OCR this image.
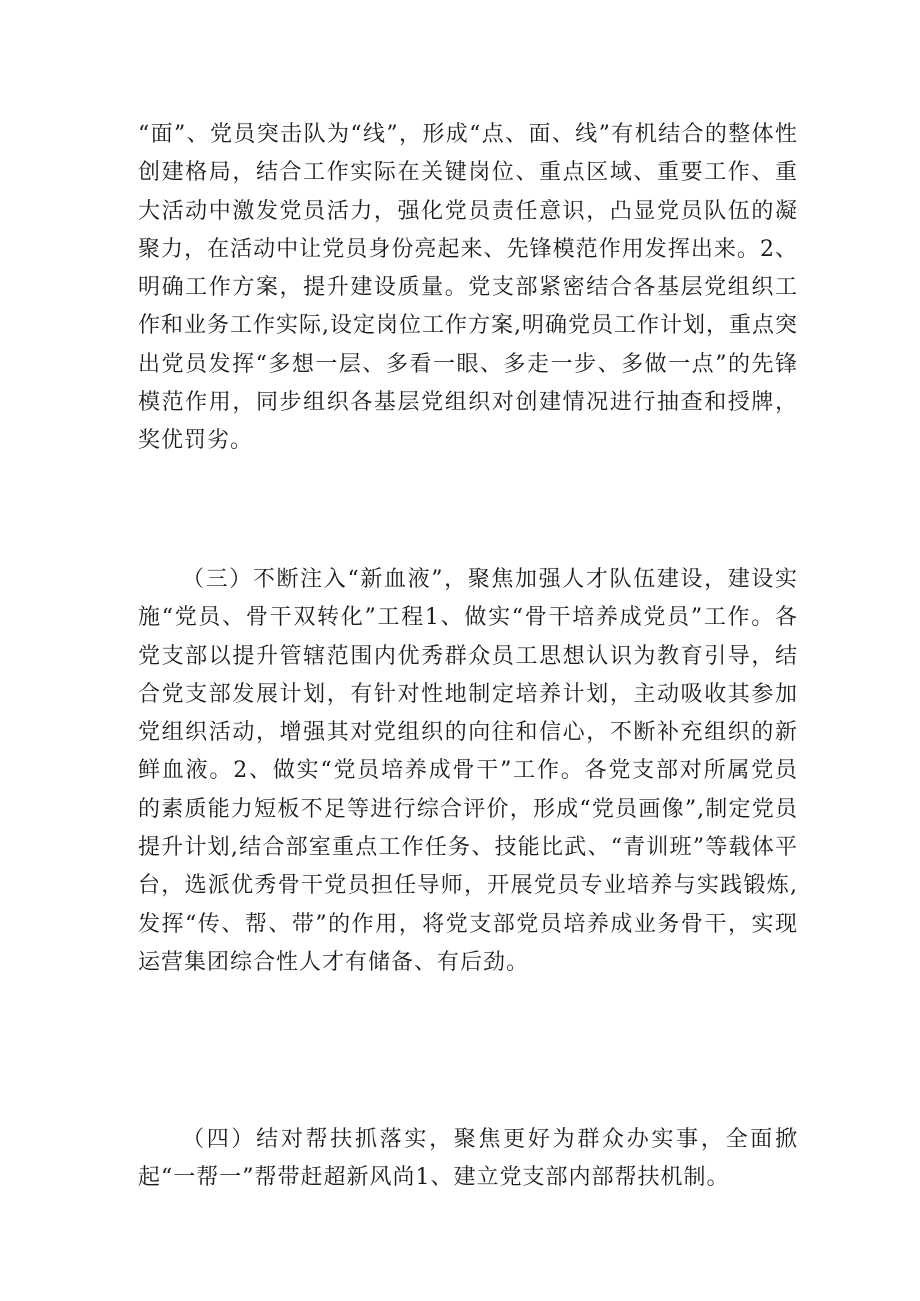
“面”、党员突击队为“线”，形成“点、面、线”有机结合的整体性创建格局，结合工作实际在关键岗位、重点区域、重要工作、重大活动中激发党员活力，强化党员责任意识，凸显党员队伍的凝聚力，在活动中让党员身份亮起来、先锋模范作用发挥出来。2、明确工作方案，提升建设质量。党支部紧密结合各基层党组织工作和业务工作实际,设定岗位工作方案,明确党员工作计划，重点突出党员发挥“多想一层、多看一眼、多走一步、多做一点”的先锋模范作用，同步组织各基层党组织对创建情况进行抽查和授牌，奖优罚劣。

（三）不断注入“新血液”，聚焦加强人才队伍建设，建设实施“党员、骨干双转化”工程1、做实“骨干培养成党员”工作。各党支部以提升管辖范围内优秀群众员工思想认识为教育引导，结合党支部发展计划，有针对性地制定培养计划，主动吸收其参加党组织活动，增强其对党组织的向往和信心，不断补充组织的新鲜血液。2、做实“党员培养成骨干”工作。各党支部对所属党员的素质能力短板不足等进行综合评价，形成“党员画像”,制定党员提升计划,结合部室重点工作任务、技能比武、“青训班”等载体平台，选派优秀骨干党员担任导师，开展党员专业培养与实践锻炼,发挥“传、帮、带”的作用，将党支部党员培养成业务骨干，实现运营集团综合性人才有储备、有后劲。

（四）结对帮扶抓落实，聚焦更好为群众办实事，全面掀起“一帮一”帮带赶超新风尚1、建立党支部内部帮扶机制。
